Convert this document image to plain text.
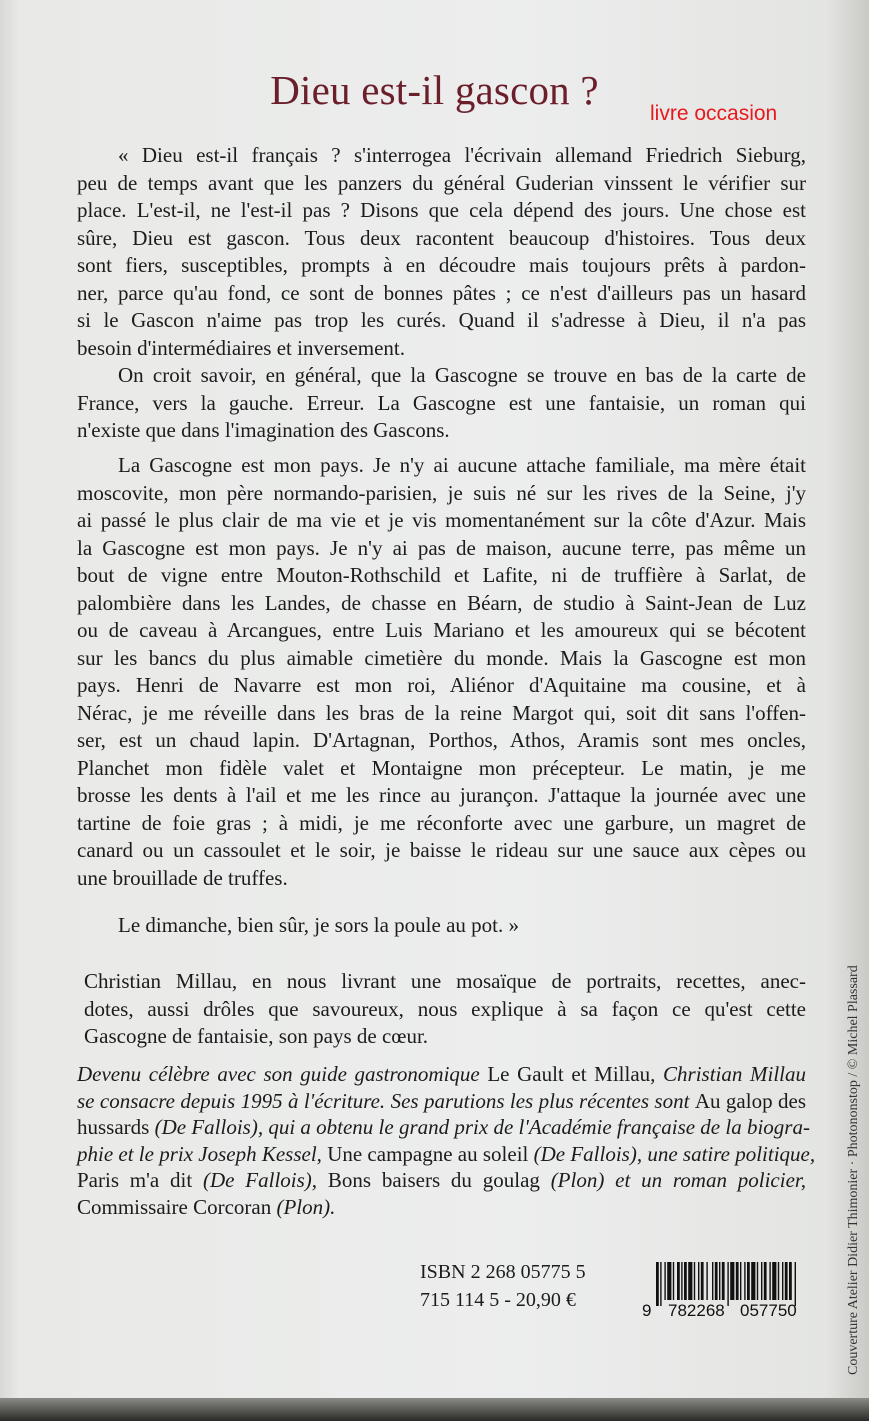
Dieu est-il gascon ?
livre occasion
« Dieu est-il français ? s'interrogea l'écrivain allemand Friedrich Sieburg,
peu de temps avant que les panzers du général Guderian vinssent le vérifier sur
place. L'est-il, ne l'est-il pas ? Disons que cela dépend des jours. Une chose est
sûre, Dieu est gascon. Tous deux racontent beaucoup d'histoires. Tous deux
sont fiers, susceptibles, prompts à en découdre mais toujours prêts à pardon-
ner, parce qu'au fond, ce sont de bonnes pâtes ; ce n'est d'ailleurs pas un hasard
si le Gascon n'aime pas trop les curés. Quand il s'adresse à Dieu, il n'a pas
besoin d'intermédiaires et inversement.
On croit savoir, en général, que la Gascogne se trouve en bas de la carte de
France, vers la gauche. Erreur. La Gascogne est une fantaisie, un roman qui
n'existe que dans l'imagination des Gascons.
La Gascogne est mon pays. Je n'y ai aucune attache familiale, ma mère était
moscovite, mon père normando-parisien, je suis né sur les rives de la Seine, j'y
ai passé le plus clair de ma vie et je vis momentanément sur la côte d'Azur. Mais
la Gascogne est mon pays. Je n'y ai pas de maison, aucune terre, pas même un
bout de vigne entre Mouton-Rothschild et Lafite, ni de truffière à Sarlat, de
palombière dans les Landes, de chasse en Béarn, de studio à Saint-Jean de Luz
ou de caveau à Arcangues, entre Luis Mariano et les amoureux qui se bécotent
sur les bancs du plus aimable cimetière du monde. Mais la Gascogne est mon
pays. Henri de Navarre est mon roi, Aliénor d'Aquitaine ma cousine, et à
Nérac, je me réveille dans les bras de la reine Margot qui, soit dit sans l'offen-
ser, est un chaud lapin. D'Artagnan, Porthos, Athos, Aramis sont mes oncles,
Planchet mon fidèle valet et Montaigne mon précepteur. Le matin, je me
brosse les dents à l'ail et me les rince au jurançon. J'attaque la journée avec une
tartine de foie gras ; à midi, je me réconforte avec une garbure, un magret de
canard ou un cassoulet et le soir, je baisse le rideau sur une sauce aux cèpes ou
une brouillade de truffes.
Le dimanche, bien sûr, je sors la poule au pot. »
Christian Millau, en nous livrant une mosaïque de portraits, recettes, anec-
dotes, aussi drôles que savoureux, nous explique à sa façon ce qu'est cette
Gascogne de fantaisie, son pays de cœur.
Devenu célèbre avec son guide gastronomique Le Gault et Millau, Christian Millau
se consacre depuis 1995 à l'écriture. Ses parutions les plus récentes sont Au galop des
hussards (De Fallois), qui a obtenu le grand prix de l'Académie française de la biogra-
phie et le prix Joseph Kessel, Une campagne au soleil (De Fallois), une satire politique,
Paris m'a dit (De Fallois), Bons baisers du goulag (Plon) et un roman policier,
Commissaire Corcoran (Plon).
ISBN 2 268 05775 5
715 114 5 - 20,90 €	9 782268 057750	Couverture Atelier Didier Thimonier · Photononstop / © Michel Plassard
